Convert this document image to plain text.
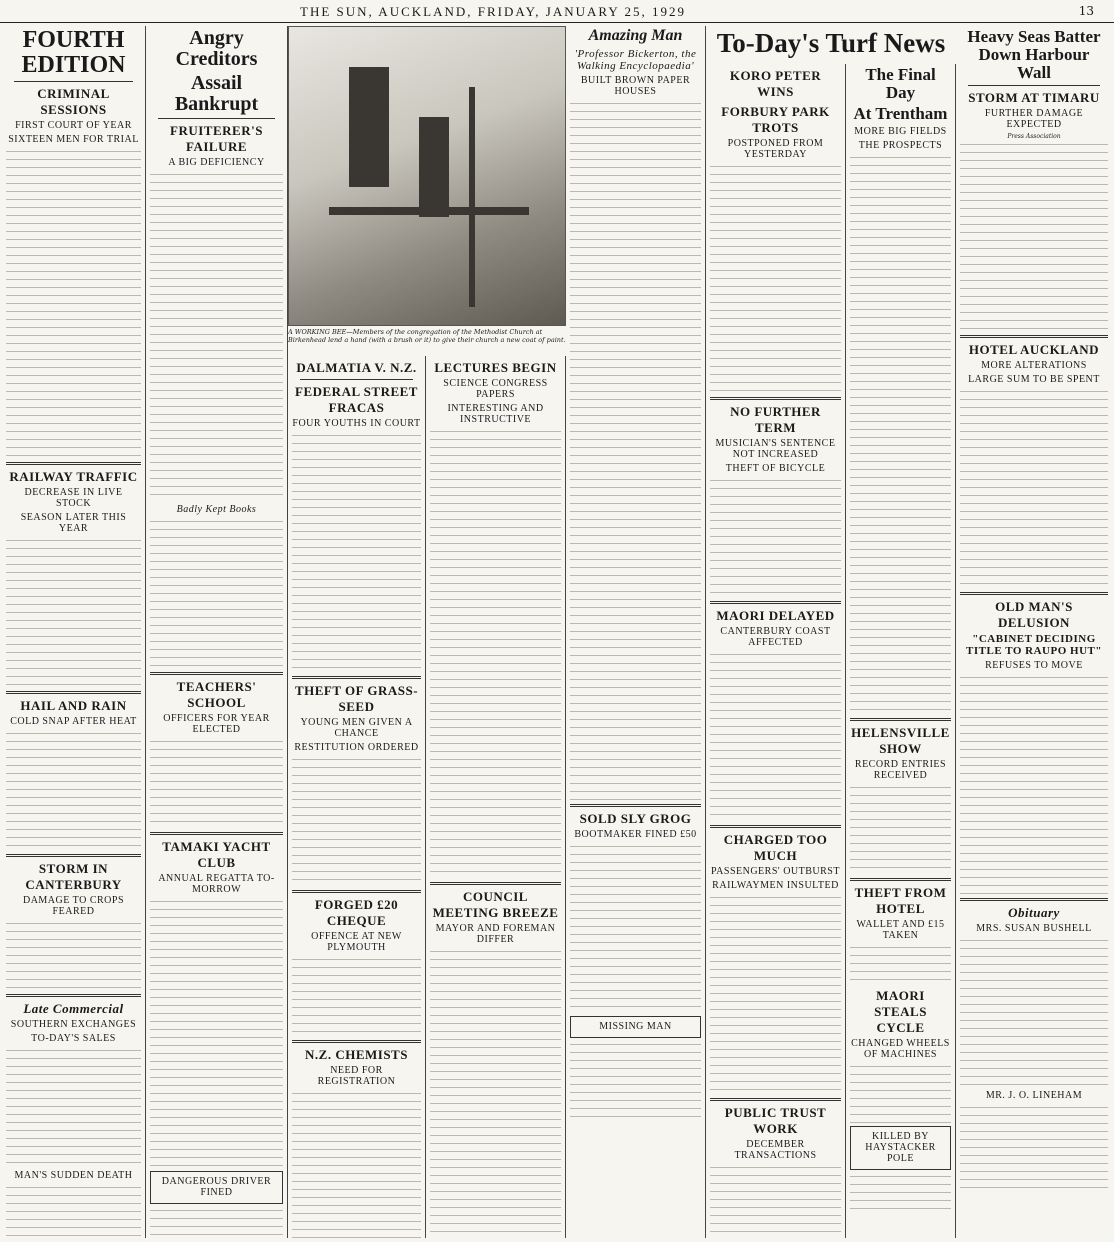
THE SUN, AUCKLAND, FRIDAY, JANUARY 25, 1929	13
FOURTH EDITION
CRIMINAL SESSIONS
FIRST COURT OF YEAR
SIXTEEN MEN FOR TRIAL
RAILWAY TRAFFIC
DECREASE IN LIVE STOCK
SEASON LATER THIS YEAR
HAIL AND RAIN
COLD SNAP AFTER HEAT
STORM IN CANTERBURY
DAMAGE TO CROPS FEARED
Late Commercial
SOUTHERN EXCHANGES
TO-DAY'S SALES
MAN'S SUDDEN DEATH
Angry Creditors
Assail Bankrupt
FRUITERER'S FAILURE
A BIG DEFICIENCY
Badly Kept Books
TEACHERS' SCHOOL
OFFICERS FOR YEAR ELECTED
TAMAKI YACHT CLUB
ANNUAL REGATTA TO-MORROW
DANGEROUS DRIVER FINED
A WORKING BEE—Members of the congregation of the Methodist Church at Birkenhead lend a hand (with a brush or it) to give their church a new coat of paint.
DALMATIA V. N.Z.
FEDERAL STREET FRACAS
FOUR YOUTHS IN COURT
THEFT OF GRASS-SEED
YOUNG MEN GIVEN A CHANCE
RESTITUTION ORDERED
FORGED £20 CHEQUE
OFFENCE AT NEW PLYMOUTH
N.Z. CHEMISTS
NEED FOR REGISTRATION
LECTURES BEGIN
SCIENCE CONGRESS PAPERS
INTERESTING AND INSTRUCTIVE
COUNCIL MEETING BREEZE
MAYOR AND FOREMAN DIFFER
Amazing Man
'Professor Bickerton, the Walking Encyclopaedia'
BUILT BROWN PAPER HOUSES
SOLD SLY GROG
BOOTMAKER FINED £50
MISSING MAN
To-Day's Turf News
KORO PETER WINS
FORBURY PARK TROTS
POSTPONED FROM YESTERDAY
NO FURTHER TERM
MUSICIAN'S SENTENCE NOT INCREASED
THEFT OF BICYCLE
MAORI DELAYED
CANTERBURY COAST AFFECTED
CHARGED TOO MUCH
PASSENGERS' OUTBURST
RAILWAYMEN INSULTED
PUBLIC TRUST WORK
DECEMBER TRANSACTIONS
The Final Day
At Trentham
MORE BIG FIELDS
THE PROSPECTS
HELENSVILLE SHOW
RECORD ENTRIES RECEIVED
THEFT FROM HOTEL
WALLET AND £15 TAKEN
MAORI STEALS CYCLE
CHANGED WHEELS OF MACHINES
KILLED BY HAYSTACKER POLE
Heavy Seas Batter Down Harbour Wall
STORM AT TIMARU
FURTHER DAMAGE EXPECTED
Press Association
HOTEL AUCKLAND
MORE ALTERATIONS
LARGE SUM TO BE SPENT
OLD MAN'S DELUSION
"CABINET DECIDING TITLE TO RAUPO HUT"
REFUSES TO MOVE
Obituary
MRS. SUSAN BUSHELL
MR. J. O. LINEHAM
